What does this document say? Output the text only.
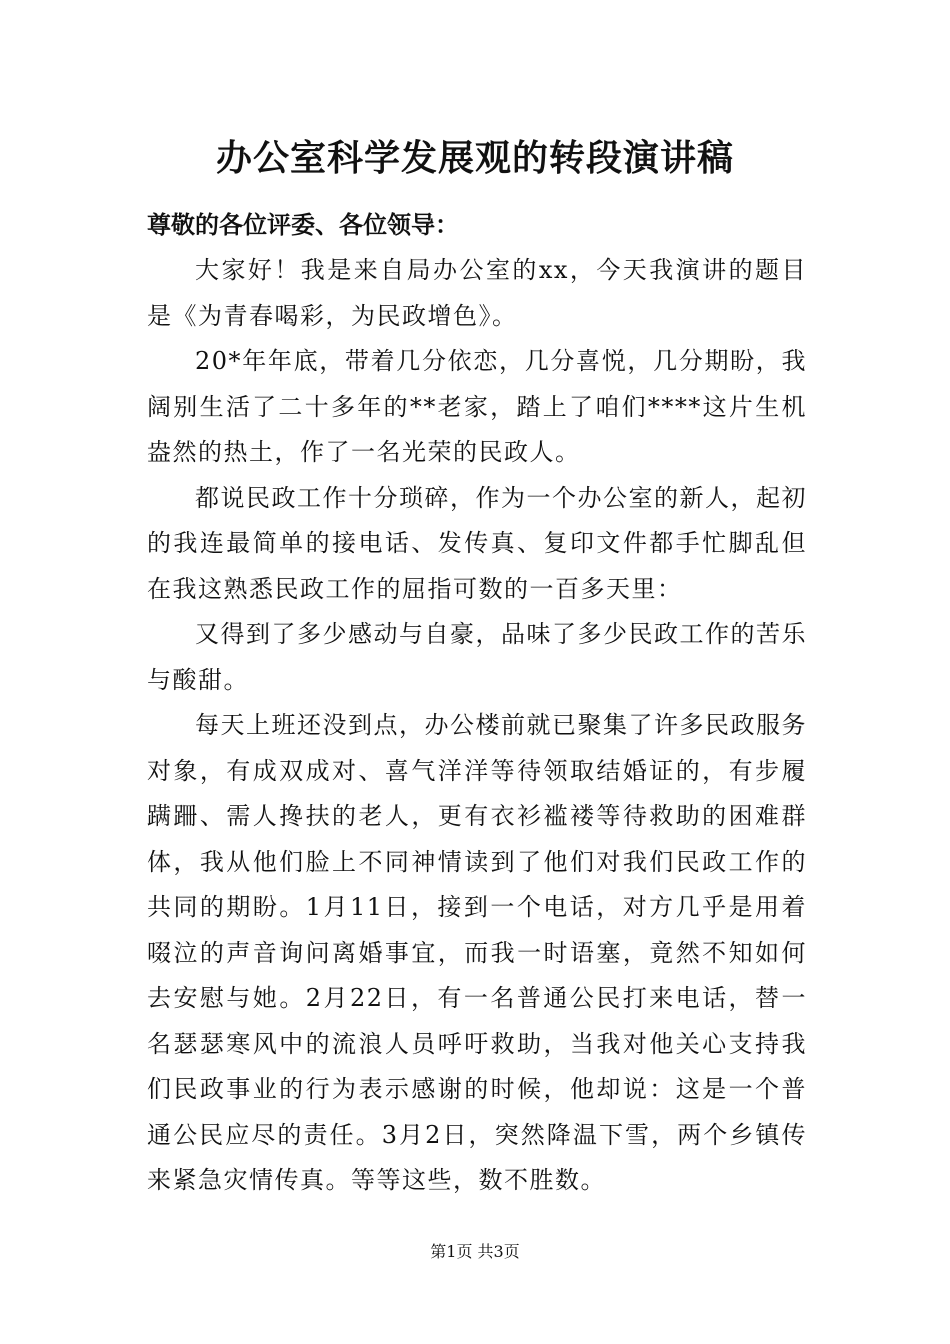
办公室科学发展观的转段演讲稿
尊敬的各位评委、各位领导：

大家好！我是来自局办公室的xx，今天我演讲的题目是《为青春喝彩，为民政增色》。

20*年年底，带着几分依恋，几分喜悦，几分期盼，我阔别生活了二十多年的**老家，踏上了咱们****这片生机盎然的热土，作了一名光荣的民政人。

都说民政工作十分琐碎，作为一个办公室的新人，起初的我连最简单的接电话、发传真、复印文件都手忙脚乱但在我这熟悉民政工作的屈指可数的一百多天里：

又得到了多少感动与自豪，品味了多少民政工作的苦乐与酸甜。

每天上班还没到点，办公楼前就已聚集了许多民政服务对象，有成双成对、喜气洋洋等待领取结婚证的，有步履蹒跚、需人搀扶的老人，更有衣衫褴褛等待救助的困难群体，我从他们脸上不同神情读到了他们对我们民政工作的共同的期盼。1月11日，接到一个电话，对方几乎是用着啜泣的声音询问离婚事宜，而我一时语塞，竟然不知如何去安慰与她。2月22日，有一名普通公民打来电话，替一名瑟瑟寒风中的流浪人员呼吁救助，当我对他关心支持我们民政事业的行为表示感谢的时候，他却说：这是一个普通公民应尽的责任。3月2日，突然降温下雪，两个乡镇传来紧急灾情传真。等等这些，数不胜数。

第1页 共3页
